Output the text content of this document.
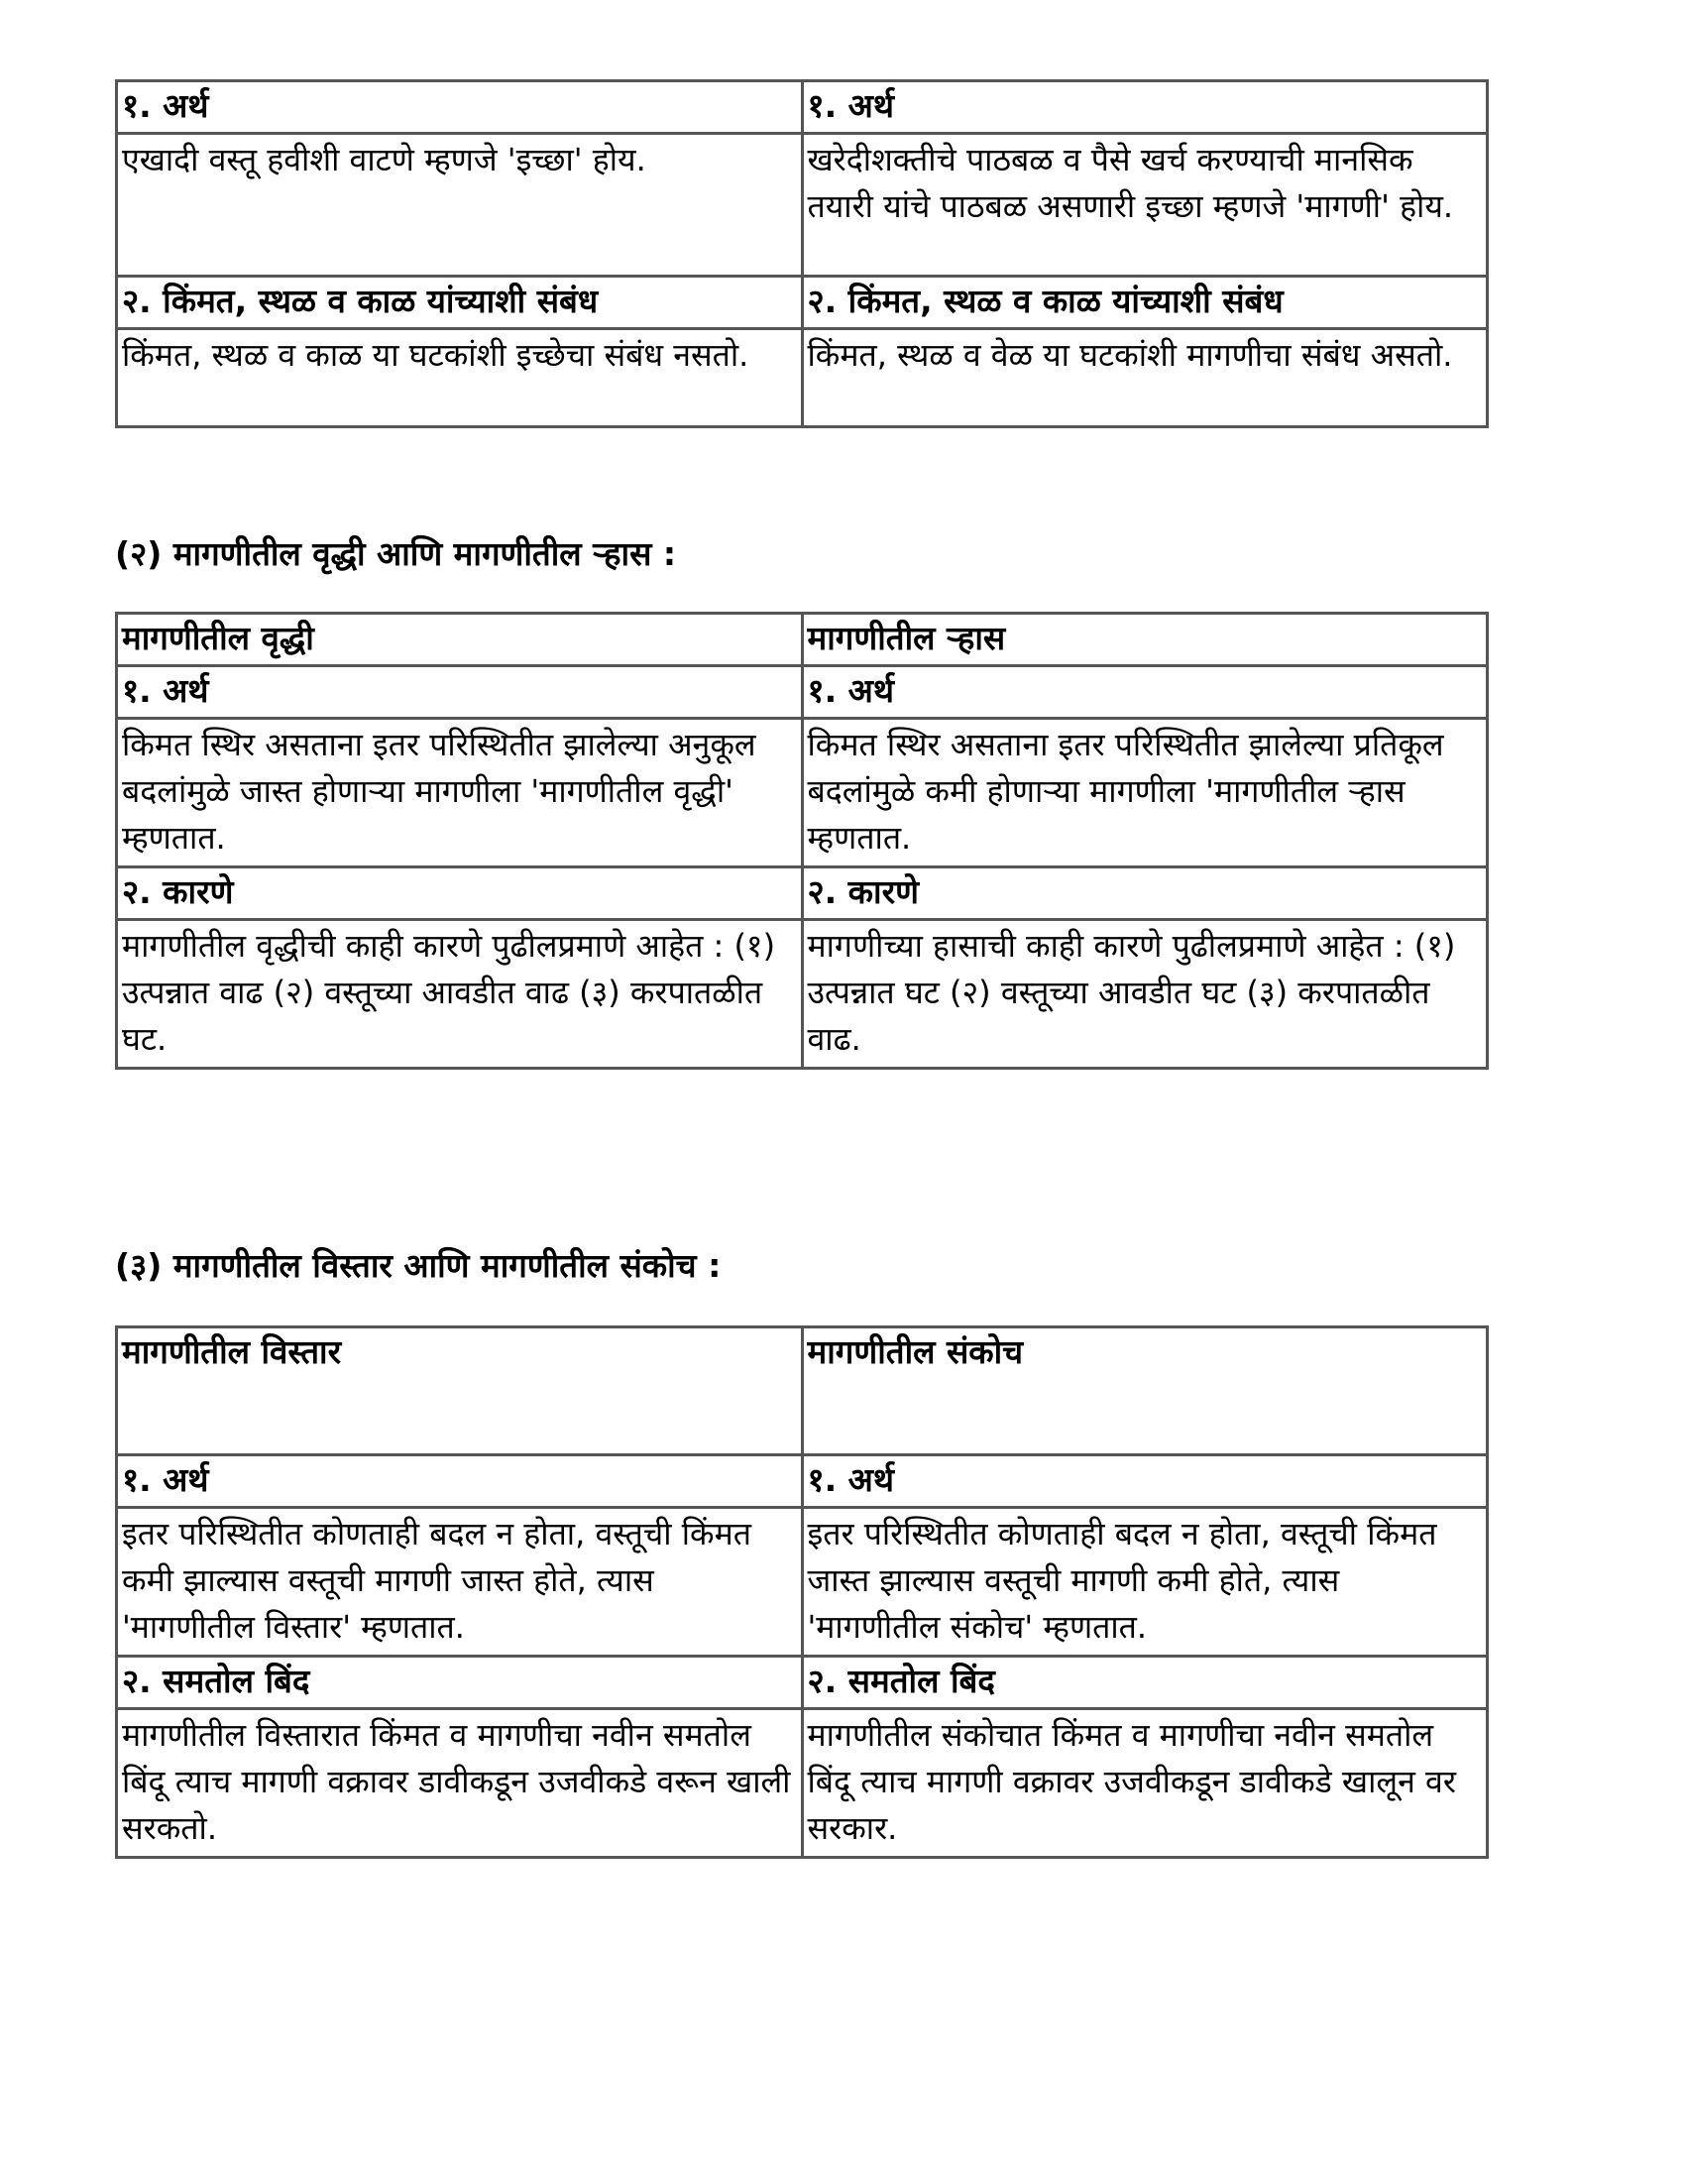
१. अर्थ	१. अर्थ
एखादी वस्तू हवीशी वाटणे म्हणजे 'इच्छा' होय.	खरेदीशक्तीचे पाठबळ व पैसे खर्च करण्याची मानसिक तयारी यांचे पाठबळ असणारी इच्छा म्हणजे 'मागणी' होय.
२. किंमत, स्थळ व काळ यांच्याशी संबंध	२. किंमत, स्थळ व काळ यांच्याशी संबंध
किंमत, स्थळ व काळ या घटकांशी इच्छेचा संबंध नसतो.	किंमत, स्थळ व वेळ या घटकांशी मागणीचा संबंध असतो.
(२) मागणीतील वृद्धी आणि मागणीतील ऱ्हास :
मागणीतील वृद्धी	मागणीतील ऱ्हास
१. अर्थ	१. अर्थ
किमत स्थिर असताना इतर परिस्थितीत झालेल्या अनुकूल बदलांमुळे जास्त होणाऱ्या मागणीला 'मागणीतील वृद्धी' म्हणतात.	किमत स्थिर असताना इतर परिस्थितीत झालेल्या प्रतिकूल बदलांमुळे कमी होणाऱ्या मागणीला 'मागणीतील ऱ्हास म्हणतात.
२. कारणे	२. कारणे
मागणीतील वृद्धीची काही कारणे पुढीलप्रमाणे आहेत : (१) उत्पन्नात वाढ (२) वस्तूच्या आवडीत वाढ (३) करपातळीत घट.	मागणीच्या हासाची काही कारणे पुढीलप्रमाणे आहेत : (१) उत्पन्नात घट (२) वस्तूच्या आवडीत घट (३) करपातळीत वाढ.
(३) मागणीतील विस्तार आणि मागणीतील संकोच :
मागणीतील विस्तार	मागणीतील संकोच
१. अर्थ	१. अर्थ
इतर परिस्थितीत कोणताही बदल न होता, वस्तूची किंमत कमी झाल्यास वस्तूची मागणी जास्त होते, त्यास 'मागणीतील विस्तार' म्हणतात.	इतर परिस्थितीत कोणताही बदल न होता, वस्तूची किंमत जास्त झाल्यास वस्तूची मागणी कमी होते, त्यास 'मागणीतील संकोच' म्हणतात.
२. समतोल बिंद	२. समतोल बिंद
मागणीतील विस्तारात किंमत व मागणीचा नवीन समतोल बिंदू त्याच मागणी वक्रावर डावीकडून उजवीकडे वरून खाली सरकतो.	मागणीतील संकोचात किंमत व मागणीचा नवीन समतोल बिंदू त्याच मागणी वक्रावर उजवीकडून डावीकडे खालून वर सरकार.
